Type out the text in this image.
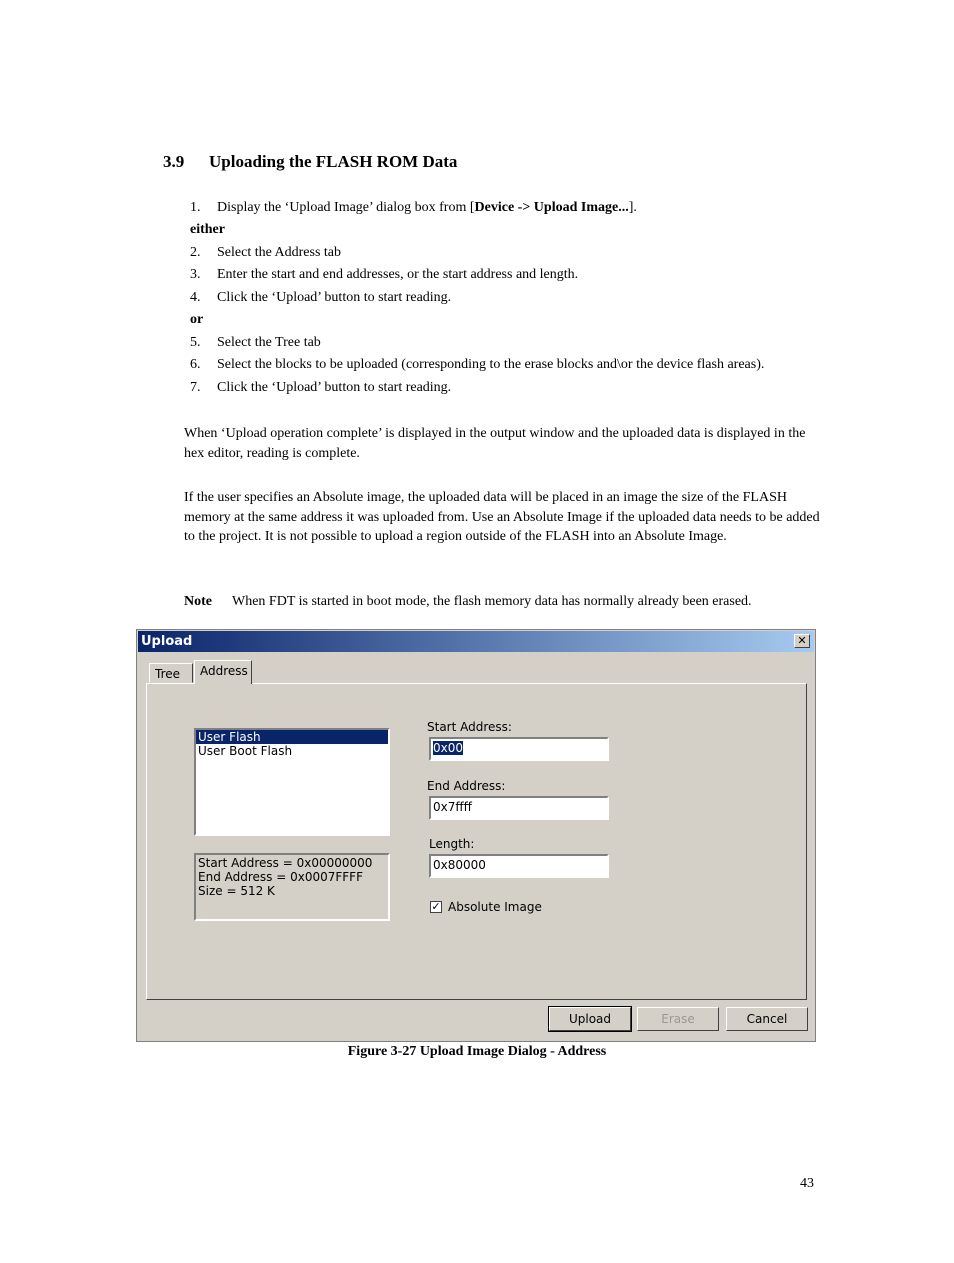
3.9 Uploading the FLASH ROM Data
1. Display the ‘Upload Image’ dialog box from [Device -> Upload Image...].
either
2. Select the Address tab
3. Enter the start and end addresses, or the start address and length.
4. Click the ‘Upload’ button to start reading.
or
5. Select the Tree tab
6. Select the blocks to be uploaded (corresponding to the erase blocks and\or the device flash areas).
7. Click the ‘Upload’ button to start reading.
When ‘Upload operation complete’ is displayed in the output window and the uploaded data is displayed in the hex editor, reading is complete.
If the user specifies an Absolute image, the uploaded data will be placed in an image the size of the FLASH memory at the same address it was uploaded from. Use an Absolute Image if the uploaded data needs to be added to the project. It is not possible to upload a region outside of the FLASH into an Absolute Image.
Note When FDT is started in boot mode, the flash memory data has normally already been erased.
Upload	✕
Tree	Address
User Flash
User Boot Flash
Start Address = 0x00000000
End Address = 0x0007FFFF
Size = 512 K
Start Address:
0x00
End Address:
0x7ffff
Length:
0x80000
✓ Absolute Image
Upload	Erase	Cancel
Figure 3-27 Upload Image Dialog - Address
43
